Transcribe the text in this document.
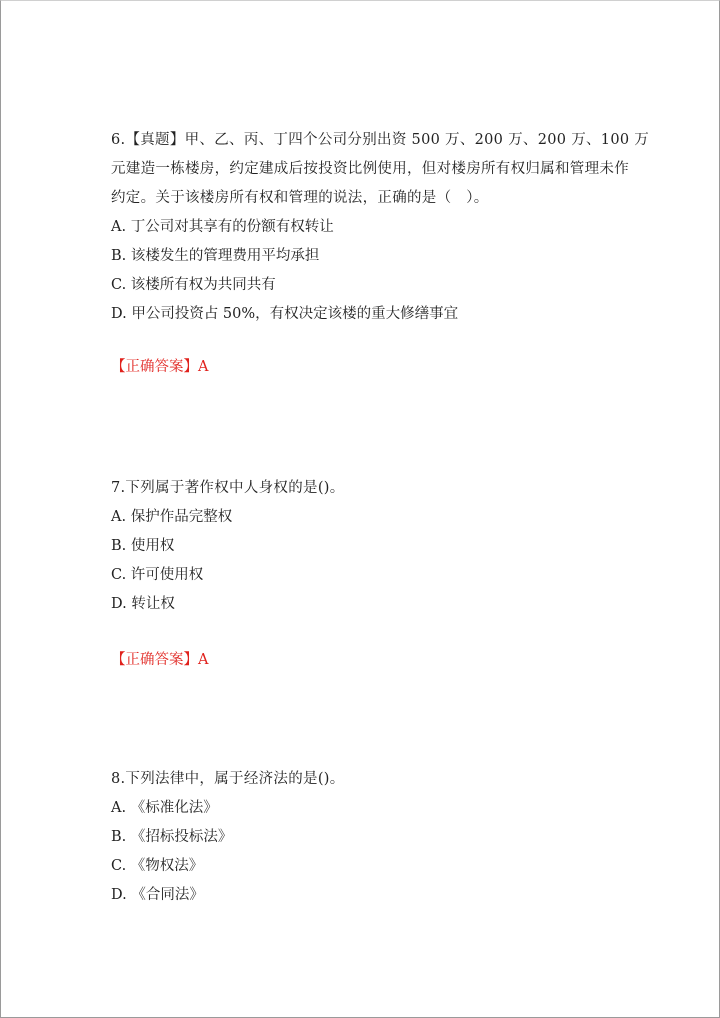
6.【真题】甲、乙、丙、丁四个公司分别出资 500 万、200 万、200 万、100 万
元建造一栋楼房，约定建成后按投资比例使用，但对楼房所有权归属和管理未作
约定。关于该楼房所有权和管理的说法，正确的是（　）。

A. 丁公司对其享有的份额有权转让
B. 该楼发生的管理费用平均承担
C. 该楼所有权为共同共有
D. 甲公司投资占 50%，有权决定该楼的重大修缮事宜
【正确答案】A

7.下列属于著作权中人身权的是()。

A. 保护作品完整权
B. 使用权
C. 许可使用权
D. 转让权
【正确答案】A

8.下列法律中，属于经济法的是()。

A. 《标准化法》
B. 《招标投标法》
C. 《物权法》
D. 《合同法》
